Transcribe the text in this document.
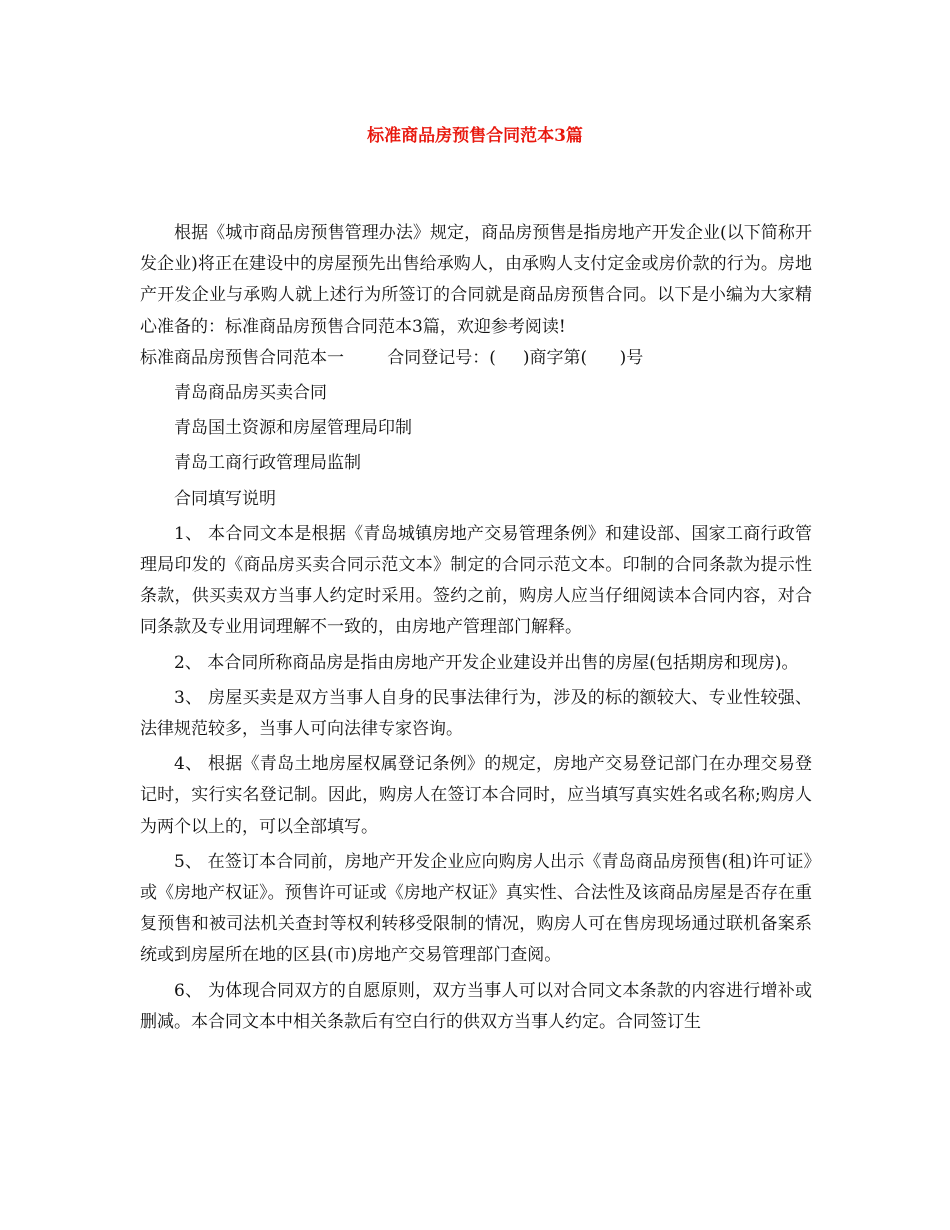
标准商品房预售合同范本3篇

根据《城市商品房预售管理办法》规定，商品房预售是指房地产开发企业(以下简称开发企业)将正在建设中的房屋预先出售给承购人，由承购人支付定金或房价款的行为。房地产开发企业与承购人就上述行为所签订的合同就是商品房预售合同。以下是小编为大家精心准备的：标准商品房预售合同范本3篇，欢迎参考阅读!

标准商品房预售合同范本一        合同登记号：(     )商字第(      )号

青岛商品房买卖合同

青岛国土资源和房屋管理局印制

青岛工商行政管理局监制

合同填写说明

1、 本合同文本是根据《青岛城镇房地产交易管理条例》和建设部、国家工商行政管理局印发的《商品房买卖合同示范文本》制定的合同示范文本。印制的合同条款为提示性条款，供买卖双方当事人约定时采用。签约之前，购房人应当仔细阅读本合同内容，对合同条款及专业用词理解不一致的，由房地产管理部门解释。

2、 本合同所称商品房是指由房地产开发企业建设并出售的房屋(包括期房和现房)。

3、 房屋买卖是双方当事人自身的民事法律行为，涉及的标的额较大、专业性较强、法律规范较多，当事人可向法律专家咨询。

4、 根据《青岛土地房屋权属登记条例》的规定，房地产交易登记部门在办理交易登记时，实行实名登记制。因此，购房人在签订本合同时，应当填写真实姓名或名称;购房人为两个以上的，可以全部填写。

5、 在签订本合同前，房地产开发企业应向购房人出示《青岛商品房预售(租)许可证》或《房地产权证》。预售许可证或《房地产权证》真实性、合法性及该商品房屋是否存在重复预售和被司法机关查封等权利转移受限制的情况，购房人可在售房现场通过联机备案系统或到房屋所在地的区县(市)房地产交易管理部门查阅。

6、 为体现合同双方的自愿原则，双方当事人可以对合同文本条款的内容进行增补或删减。本合同文本中相关条款后有空白行的供双方当事人约定。合同签订生
